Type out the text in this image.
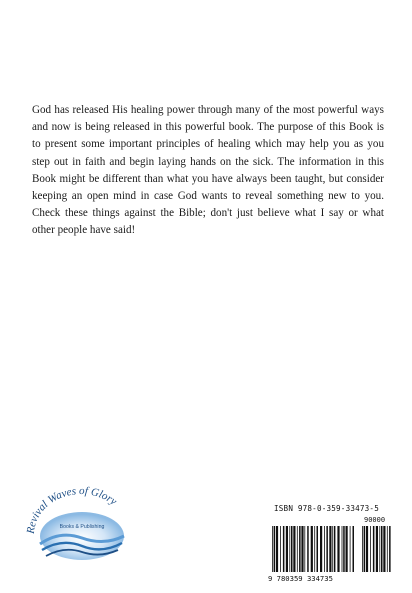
God has released His healing power through many of the most powerful ways and now is being released in this powerful book. The purpose of this Book is to present some important principles of healing which may help you as you step out in faith and begin laying hands on the sick. The information in this Book might be different than what you have always been taught, but consider keeping an open mind in case God wants to reveal something new to you. Check these things against the Bible; don't just believe what I say or what other people have said!

Revival Waves of Glory
Books & Publishing
ISBN 978-0-359-33473-5
9 780359 334735
90000
